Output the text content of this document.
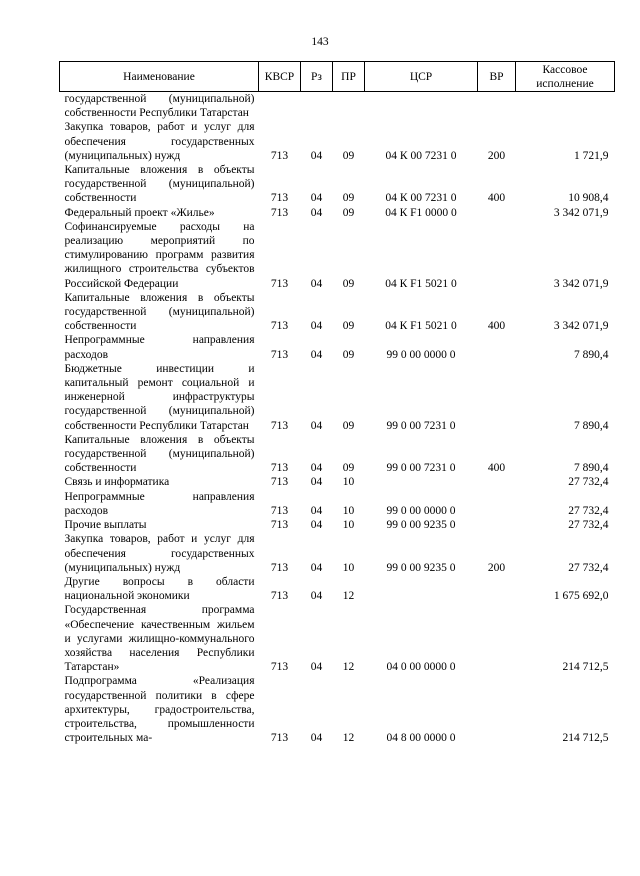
143
Наименование	КВСР	Рз	ПР	ЦСР	ВР	Кассовое исполнение
государственной (муниципальной) собственности Республики Татарстан						
Закупка товаров, работ и услуг для обеспечения государственных (муниципальных) нужд	713	04	09	04 К 00 7231 0	200	1 721,9
Капитальные вложения в объекты государственной (муниципальной) собственности	713	04	09	04 К 00 7231 0	400	10 908,4
Федеральный проект «Жилье»	713	04	09	04 К F1 0000 0		3 342 071,9
Софинансируемые расходы на реализацию мероприятий по стимулированию программ развития жилищного строительства субъектов Российской Федерации	713	04	09	04 К F1 5021 0		3 342 071,9
Капитальные вложения в объекты государственной (муниципальной) собственности	713	04	09	04 К F1 5021 0	400	3 342 071,9
Непрограммные направления расходов	713	04	09	99 0 00 0000 0		7 890,4
Бюджетные инвестиции и капитальный ремонт социальной и инженерной инфраструктуры государственной (муниципальной) собственности Республики Татарстан	713	04	09	99 0 00 7231 0		7 890,4
Капитальные вложения в объекты государственной (муниципальной) собственности	713	04	09	99 0 00 7231 0	400	7 890,4
Связь и информатика	713	04	10			27 732,4
Непрограммные направления расходов	713	04	10	99 0 00 0000 0		27 732,4
Прочие выплаты	713	04	10	99 0 00 9235 0		27 732,4
Закупка товаров, работ и услуг для обеспечения государственных (муниципальных) нужд	713	04	10	99 0 00 9235 0	200	27 732,4
Другие вопросы в области национальной экономики	713	04	12			1 675 692,0
Государственная программа «Обеспечение качественным жильем и услугами жилищно-коммунального хозяйства населения Республики Татарстан»	713	04	12	04 0 00 0000 0		214 712,5
Подпрограмма «Реализация государственной политики в сфере архитектуры, градостроительства, строительства, промышленности строительных ма-	713	04	12	04 8 00 0000 0		214 712,5
